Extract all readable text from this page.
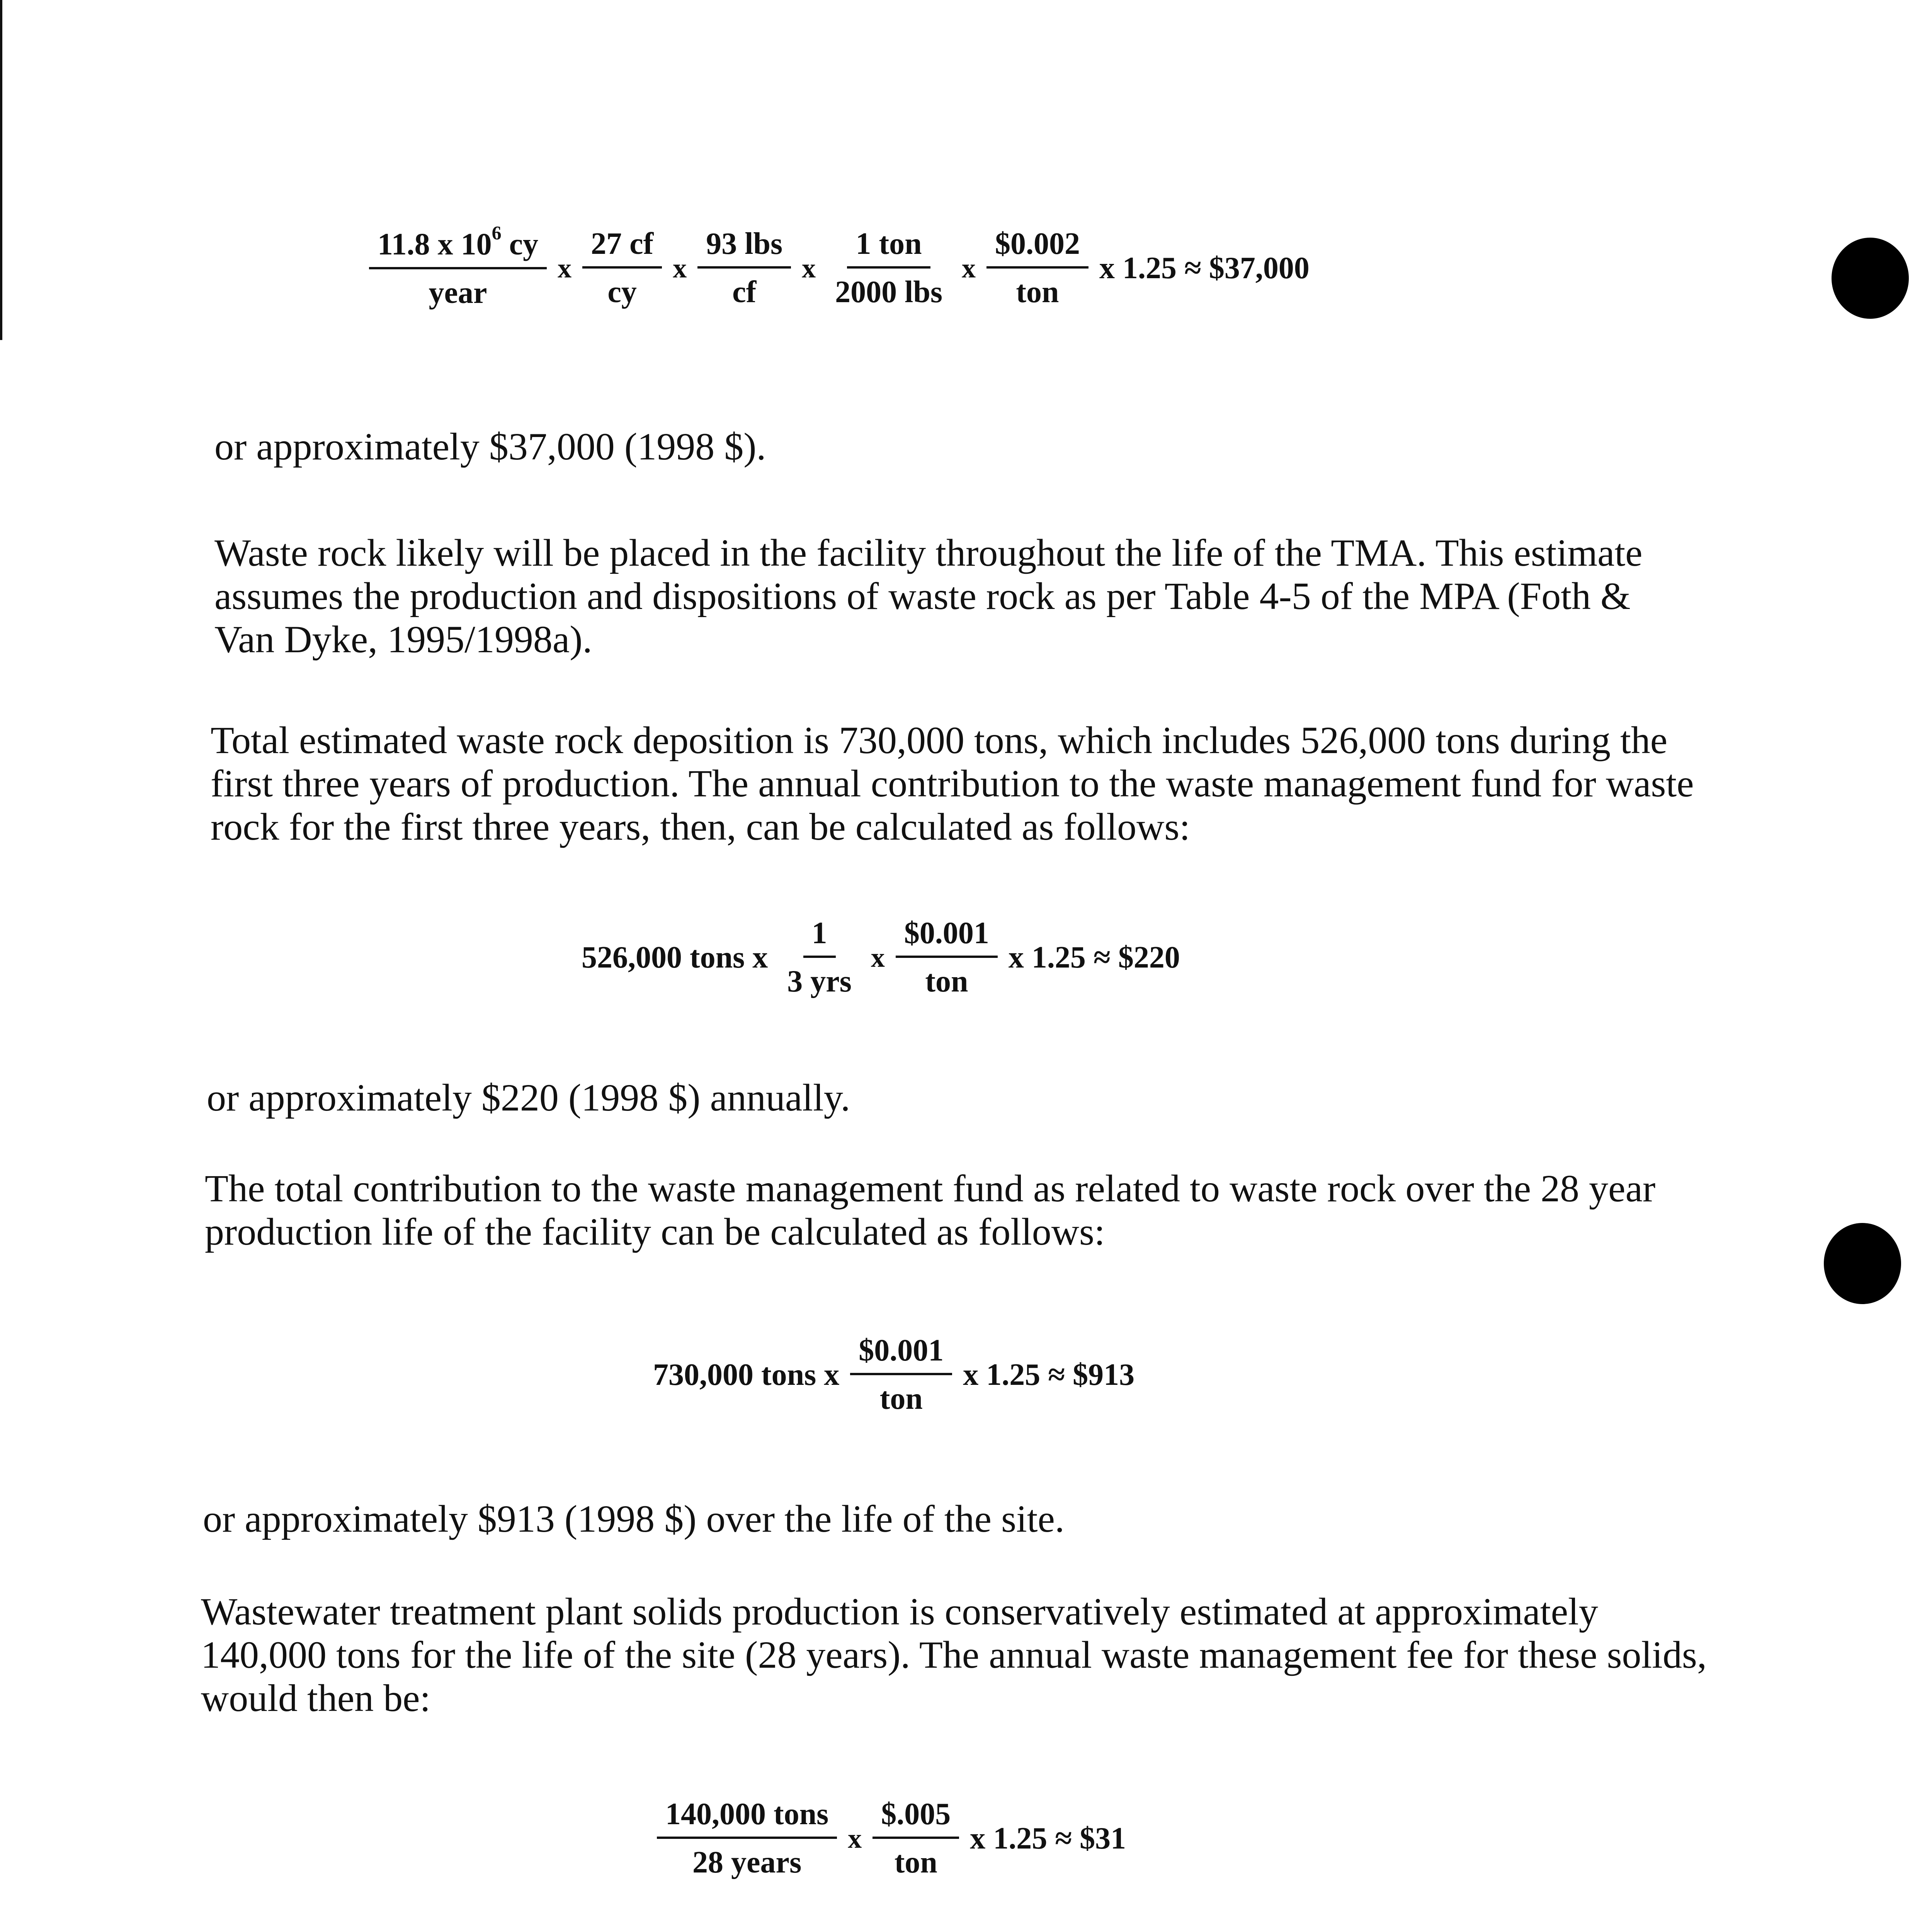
$\frac{11.8 x 10^6 cy}{\text{year}}$ x $\frac{27 cf}{cy}$ x $\frac{\text{93 lbs}}{cf}$ x $\frac{\text{1 ton}}{\text{2000 lbs}}$ x $\frac{\$0.002}{\text{ton}}$ x 1.25 ≈ $37,000
or approximately $37,000 (1998 $).
Waste rock likely will be placed in the facility throughout the life of the TMA. This estimate
assumes the production and dispositions of waste rock as per Table 4-5 of the MPA (Foth &
Van Dyke, 1995/1998a).
Total estimated waste rock deposition is 730,000 tons, which includes 526,000 tons during the
first three years of production. The annual contribution to the waste management fund for waste
rock for the first three years, then, can be calculated as follows:
526,000 tons x $\frac{1}{\text{3 yrs}}$ x $\frac{\$0.001}{\text{ton}}$ x 1.25 ≈ $220
or approximately $220 (1998 $) annually.
The total contribution to the waste management fund as related to waste rock over the 28 year
production life of the facility can be calculated as follows:
730,000 tons x $\frac{\$0.001}{\text{ton}}$ x 1.25 ≈ $913
or approximately $913 (1998 $) over the life of the site.
Wastewater treatment plant solids production is conservatively estimated at approximately
140,000 tons for the life of the site (28 years). The annual waste management fee for these solids,
would then be:
$\frac{\text{140,000 tons}}{\text{28 years}}$ x $\frac{\$.005}{\text{ton}}$ x 1.25 ≈ $31
